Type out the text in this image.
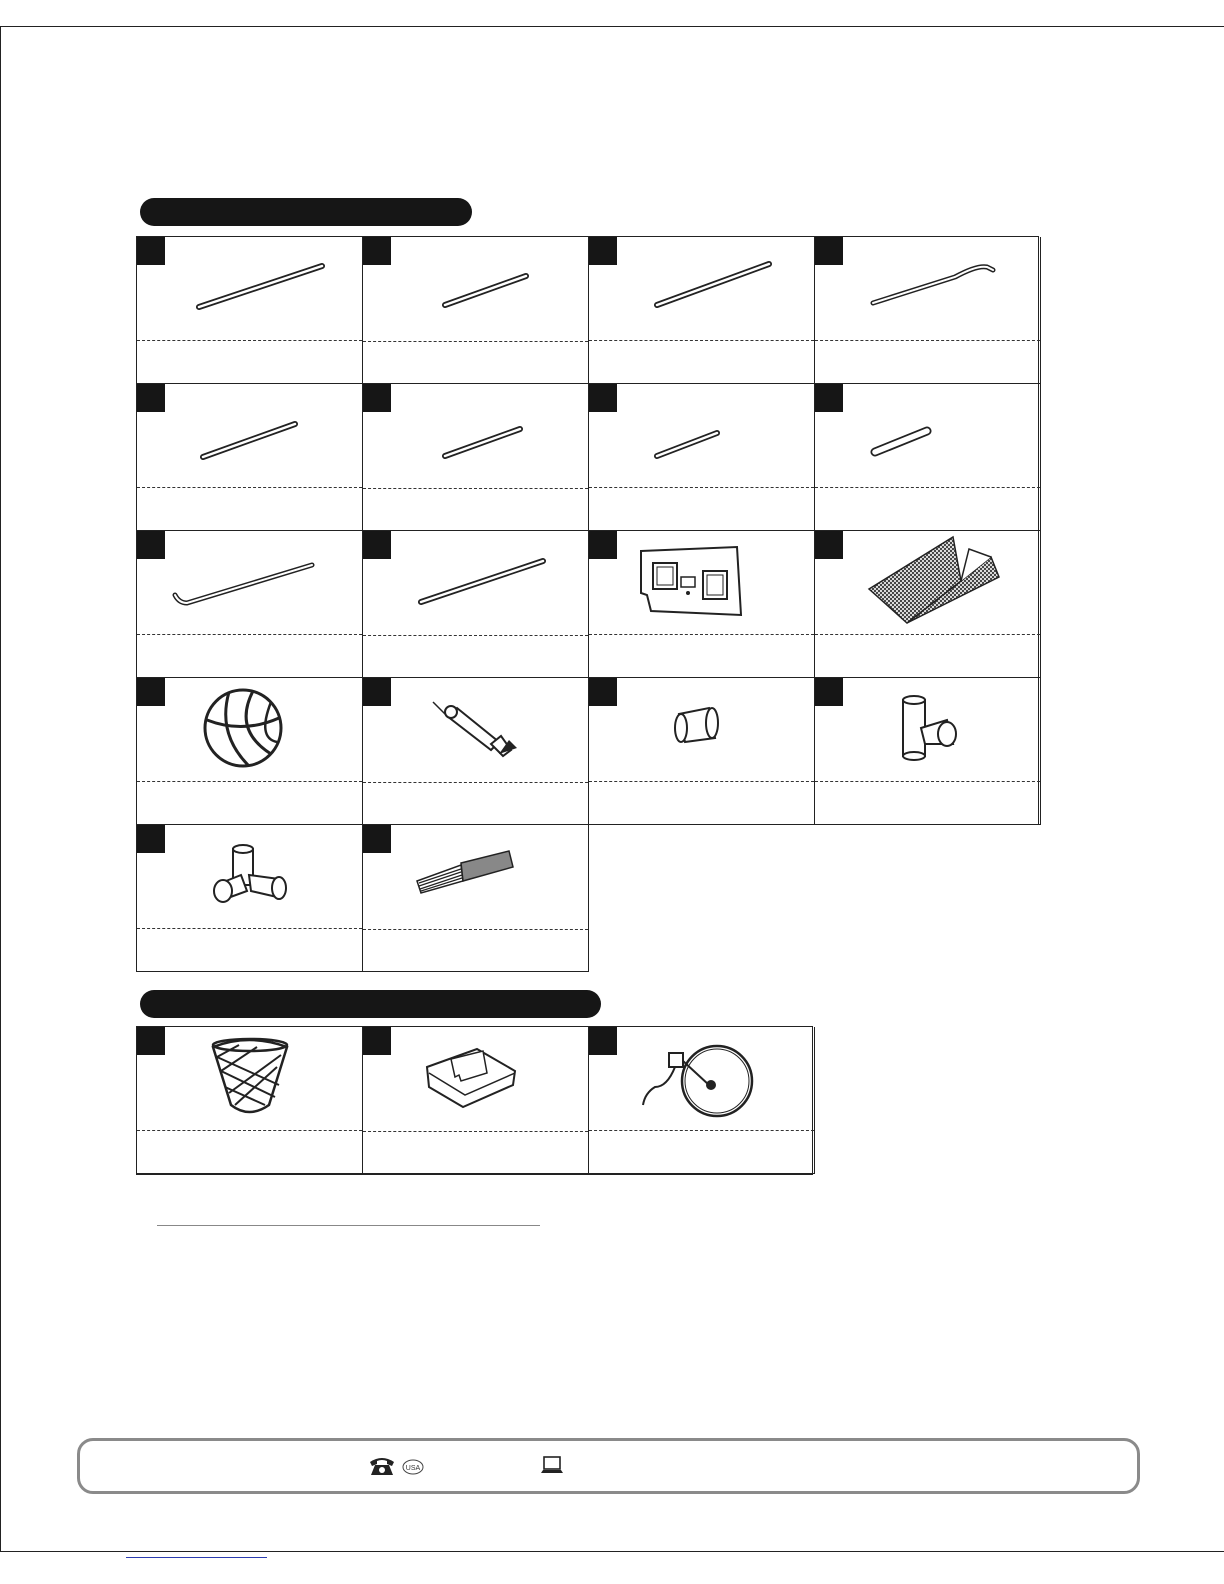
USA
